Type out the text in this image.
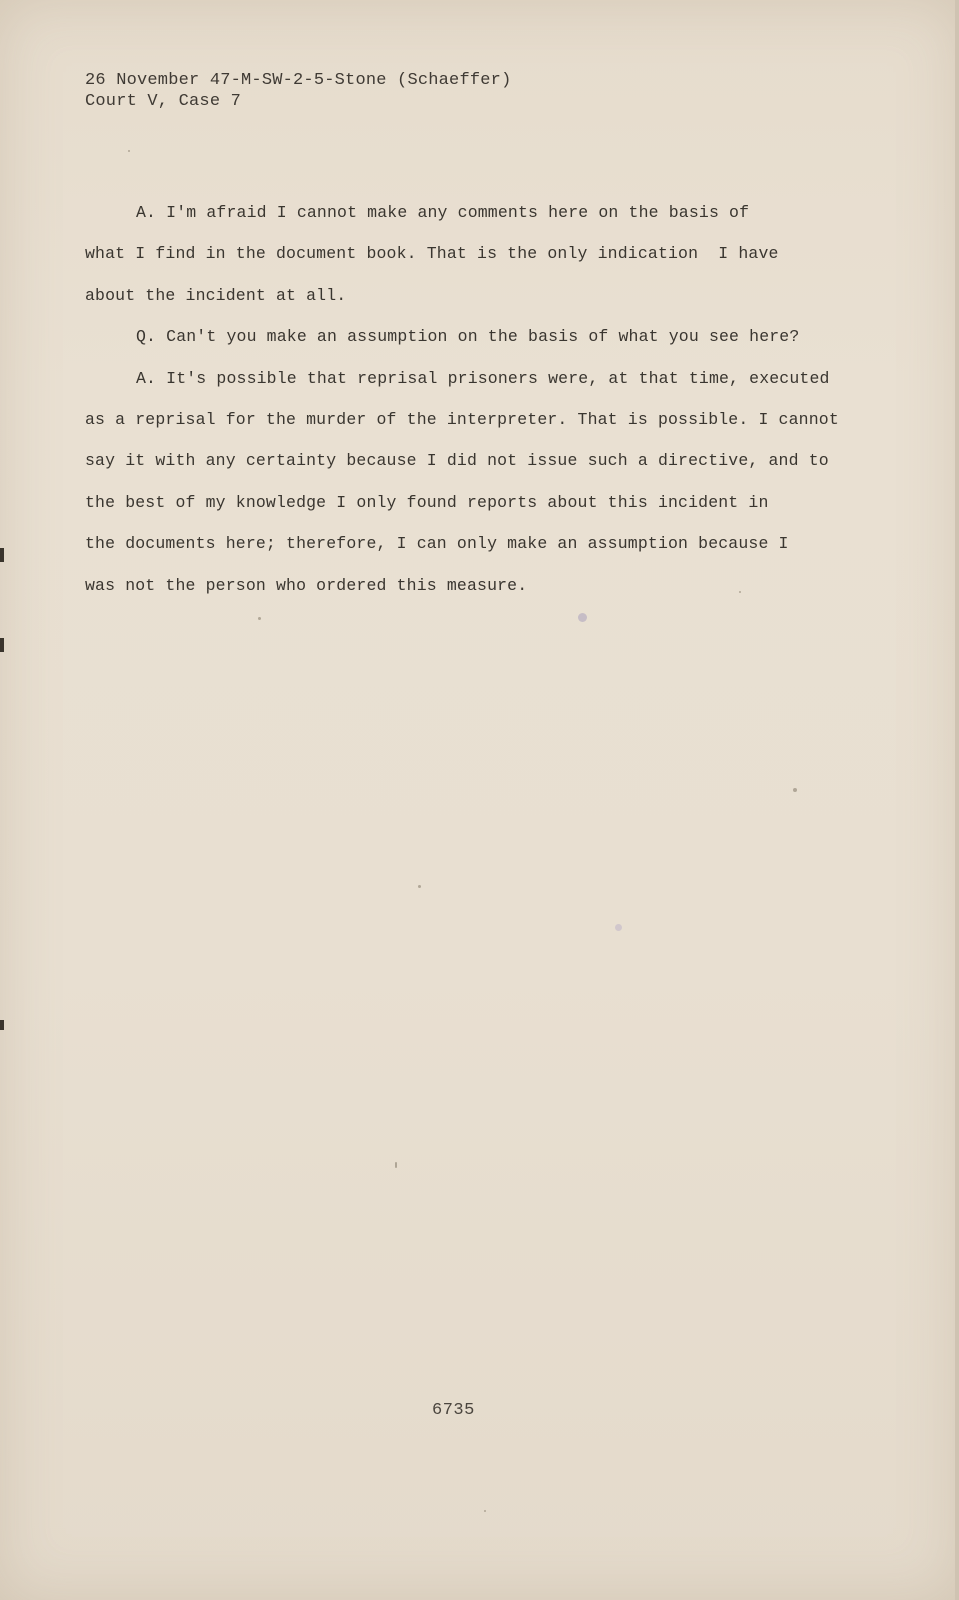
26 November 47-M-SW-2-5-Stone (Schaeffer)
Court V, Case 7
A. I'm afraid I cannot make any comments here on the basis of
what I find in the document book. That is the only indication  I have
about the incident at all.
Q. Can't you make an assumption on the basis of what you see here?
A. It's possible that reprisal prisoners were, at that time, executed
as a reprisal for the murder of the interpreter. That is possible. I cannot
say it with any certainty because I did not issue such a directive, and to
the best of my knowledge I only found reports about this incident in
the documents here; therefore, I can only make an assumption because I
was not the person who ordered this measure.
6735
